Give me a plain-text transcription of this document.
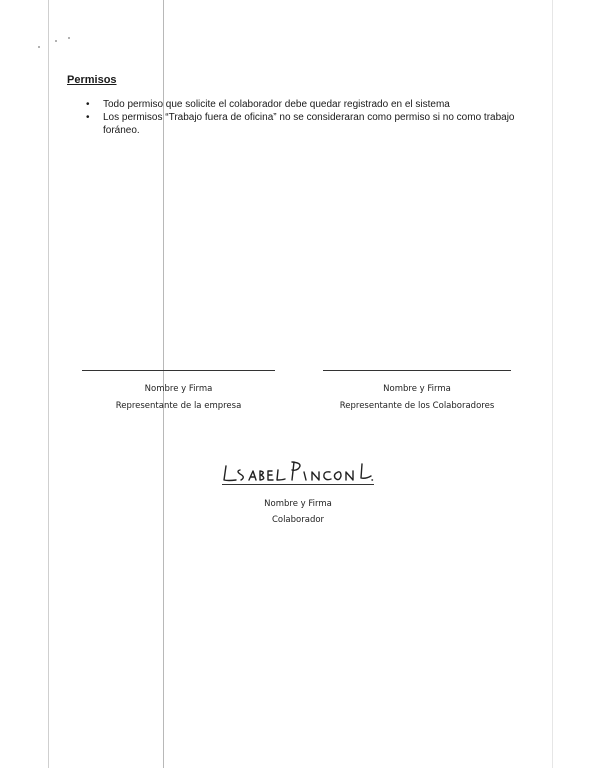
Permisos
• Todo permiso que solicite el colaborador debe quedar registrado en el sistema
• Los permisos “Trabajo fuera de oficina” no se consideraran como permiso si no como trabajo foráneo.
Nombre y Firma
Representante de la empresa
Nombre y Firma
Representante de los Colaboradores
Nombre y Firma
Colaborador
